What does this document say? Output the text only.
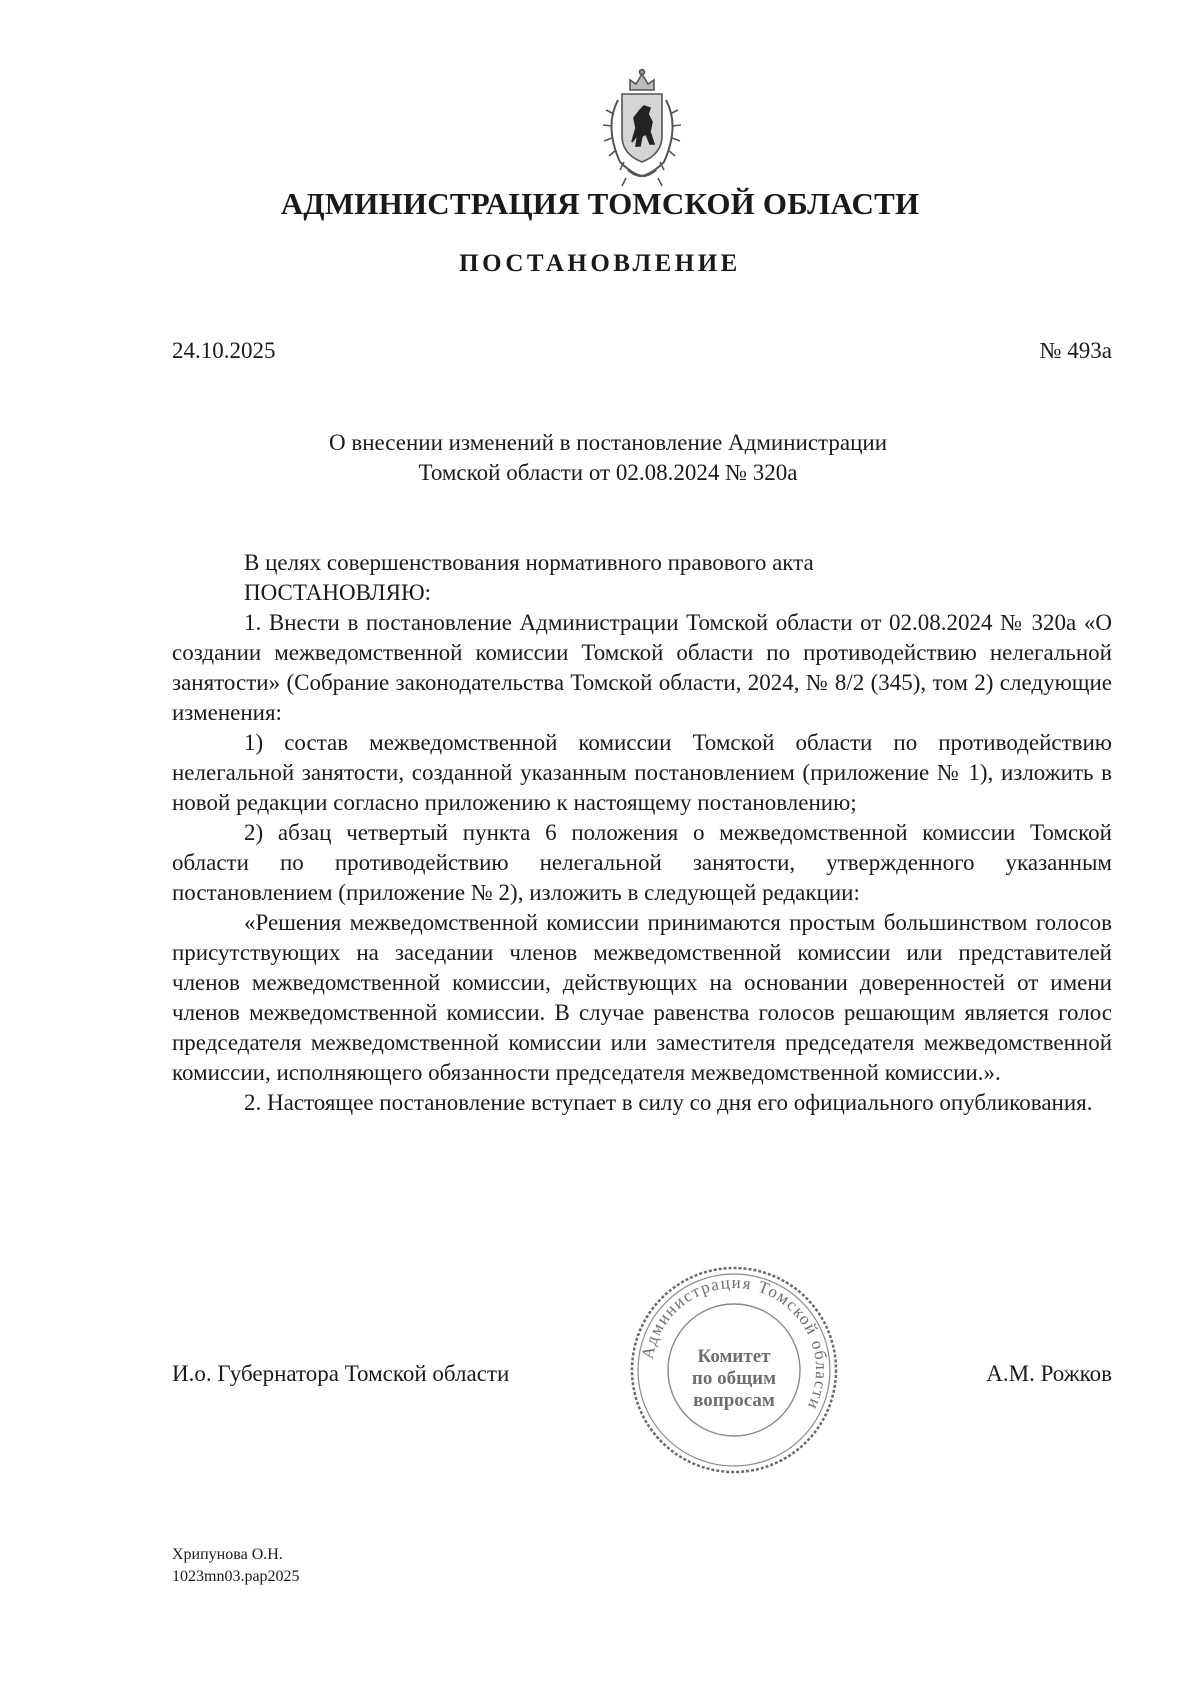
АДМИНИСТРАЦИЯ ТОМСКОЙ ОБЛАСТИ
ПОСТАНОВЛЕНИЕ
24.10.2025	№ 493а
О внесении изменений в постановление Администрации
Томской области от 02.08.2024 № 320а

В целях совершенствования нормативного правового акта

ПОСТАНОВЛЯЮ:

1. Внести в постановление Администрации Томской области от 02.08.2024 № 320а «О создании межведомственной комиссии Томской области по противодействию нелегальной занятости» (Собрание законодательства Томской области, 2024, № 8/2 (345), том 2) следующие изменения:

1) состав межведомственной комиссии Томской области по противодействию нелегальной занятости, созданной указанным постановлением (приложение № 1), изложить в новой редакции согласно приложению к настоящему постановлению;

2) абзац четвертый пункта 6 положения о межведомственной комиссии Томской области по противодействию нелегальной занятости, утвержденного указанным постановлением (приложение № 2), изложить в следующей редакции:

«Решения межведомственной комиссии принимаются простым большинством голосов присутствующих на заседании членов межведомственной комиссии или представителей членов межведомственной комиссии, действующих на основании доверенностей от имени членов межведомственной комиссии. В случае равенства голосов решающим является голос председателя межведомственной комиссии или заместителя председателя межведомственной комиссии, исполняющего обязанности председателя межведомственной комиссии.».

2. Настоящее постановление вступает в силу со дня его официального опубликования.

И.о. Губернатора Томской области	А.М. Рожков
Администрация Томской области
Комитет
по общим
вопросам
Хрипунова О.Н.
1023mn03.pap2025
